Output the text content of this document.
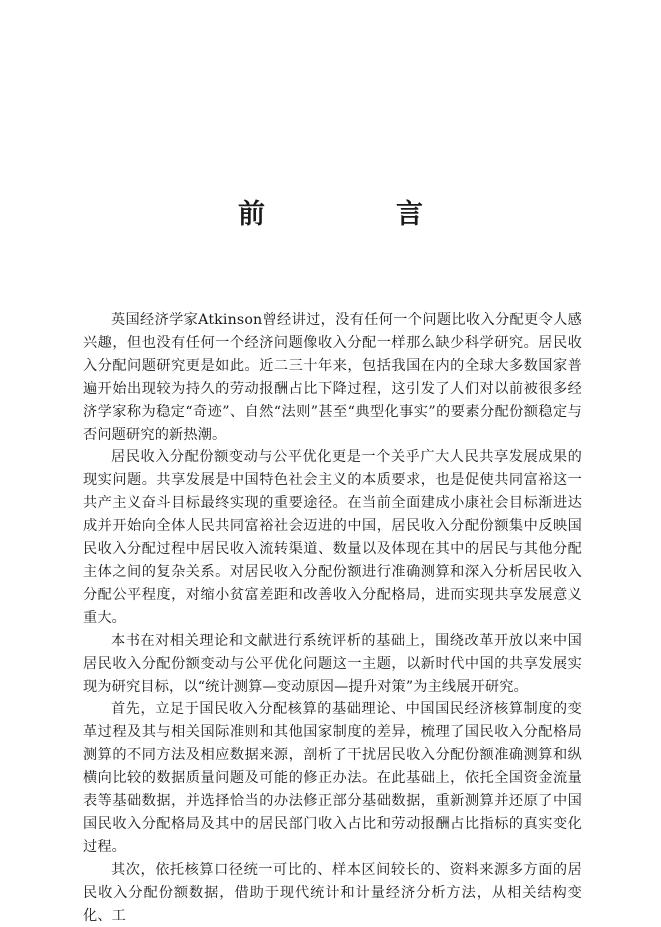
前　言

英国经济学家Atkinson曾经讲过，没有任何一个问题比收入分配更令人感兴趣，但也没有任何一个经济问题像收入分配一样那么缺少科学研究。居民收入分配问题研究更是如此。近二三十年来，包括我国在内的全球大多数国家普遍开始出现较为持久的劳动报酬占比下降过程，这引发了人们对以前被很多经济学家称为稳定“奇迹”、自然“法则”甚至“典型化事实”的要素分配份额稳定与否问题研究的新热潮。

居民收入分配份额变动与公平优化更是一个关乎广大人民共享发展成果的现实问题。共享发展是中国特色社会主义的本质要求，也是促使共同富裕这一共产主义奋斗目标最终实现的重要途径。在当前全面建成小康社会目标渐进达成并开始向全体人民共同富裕社会迈进的中国，居民收入分配份额集中反映国民收入分配过程中居民收入流转渠道、数量以及体现在其中的居民与其他分配主体之间的复杂关系。对居民收入分配份额进行准确测算和深入分析居民收入分配公平程度，对缩小贫富差距和改善收入分配格局，进而实现共享发展意义重大。

本书在对相关理论和文献进行系统评析的基础上，围绕改革开放以来中国居民收入分配份额变动与公平优化问题这一主题，以新时代中国的共享发展实现为研究目标，以“统计测算—变动原因—提升对策”为主线展开研究。

首先，立足于国民收入分配核算的基础理论、中国国民经济核算制度的变革过程及其与相关国际准则和其他国家制度的差异，梳理了国民收入分配格局测算的不同方法及相应数据来源，剖析了干扰居民收入分配份额准确测算和纵横向比较的数据质量问题及可能的修正办法。在此基础上，依托全国资金流量表等基础数据，并选择恰当的办法修正部分基础数据，重新测算并还原了中国国民收入分配格局及其中的居民部门收入占比和劳动报酬占比指标的真实变化过程。

其次，依托核算口径统一可比的、样本区间较长的、资料来源多方面的居民收入分配份额数据，借助于现代统计和计量经济分析方法，从相关结构变化、工
